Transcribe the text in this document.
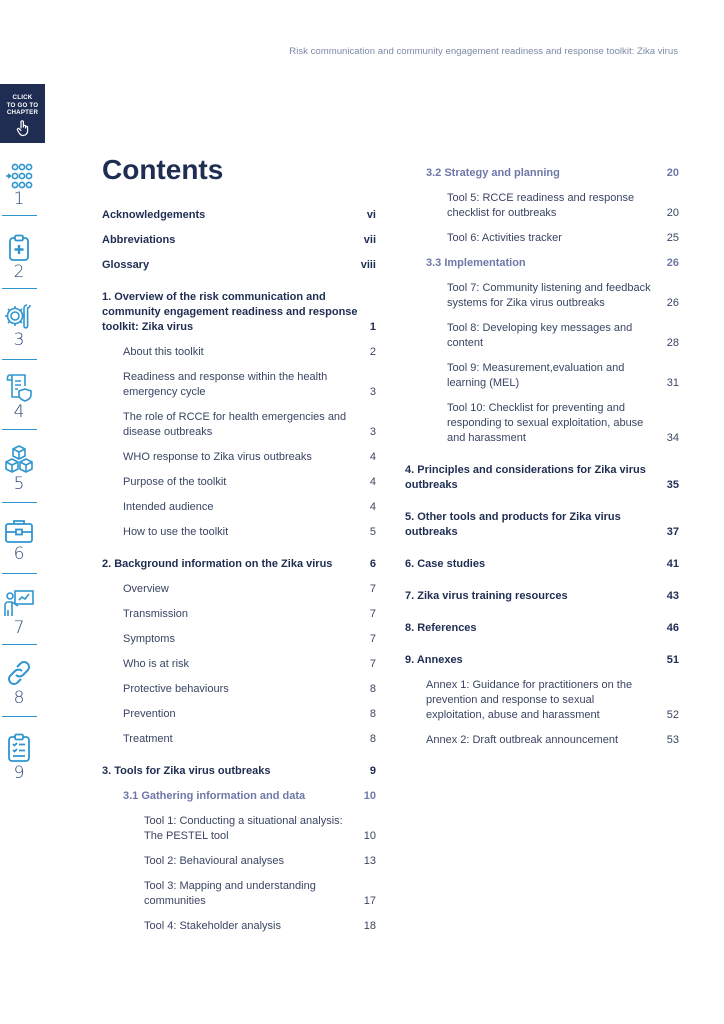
Risk communication and community engagement readiness and response toolkit: Zika virus
CLICK
TO GO TO
CHAPTER
1
2
3
4
5
6
7
8
9
Contents
Acknowledgements	vi
Abbreviations	vii
Glossary	viii
1. Overview of the risk communication and community engagement readiness and response toolkit: Zika virus	1
About this toolkit	2
Readiness and response within the health emergency cycle	3
The role of RCCE for health emergencies and disease outbreaks	3
WHO response to Zika virus outbreaks	4
Purpose of the toolkit	4
Intended audience	4
How to use the toolkit	5
2. Background information on the Zika virus	6
Overview	7
Transmission	7
Symptoms	7
Who is at risk	7
Protective behaviours	8
Prevention	8
Treatment	8
3. Tools for Zika virus outbreaks	9
3.1 Gathering information and data	10
Tool 1: Conducting a situational analysis: The PESTEL tool	10
Tool 2: Behavioural analyses	13
Tool 3: Mapping and understanding communities	17
Tool 4: Stakeholder analysis	18
3.2 Strategy and planning	20
Tool 5: RCCE readiness and response checklist for outbreaks	20
Tool 6: Activities tracker	25
3.3 Implementation	26
Tool 7: Community listening and feedback systems for Zika virus outbreaks	26
Tool 8: Developing key messages and content	28
Tool 9: Measurement,evaluation and learning (MEL)	31
Tool 10: Checklist for preventing and responding to sexual exploitation, abuse and harassment	34
4. Principles and considerations for Zika virus outbreaks	35
5. Other tools and products for Zika virus outbreaks	37
6. Case studies	41
7. Zika virus training resources	43
8. References	46
9. Annexes	51
Annex 1: Guidance for practitioners on the prevention and response to sexual exploitation, abuse and harassment	52
Annex 2: Draft outbreak announcement	53
